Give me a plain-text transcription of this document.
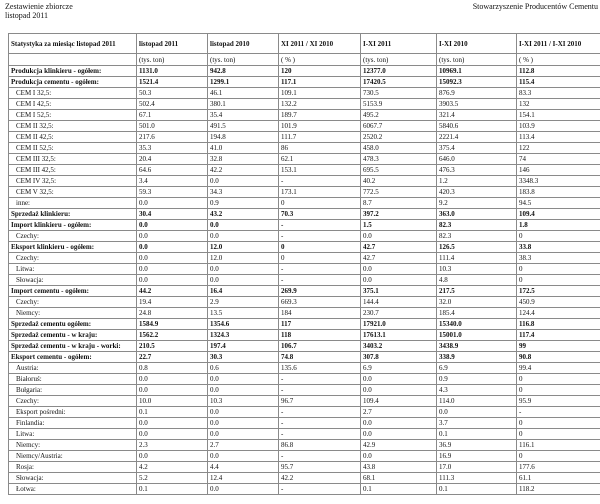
Zestawienie zbiorcze
listopad 2011
Stowarzyszenie Producentów Cementu
Statystyka za miesiąc listopad 2011	listopad 2011	listopad 2010	XI 2011 / XI 2010	I-XI 2011	I-XI 2010	I-XI 2011 / I-XI 2010
	(tys. ton)	(tys. ton)	( % )	(tys. ton)	(tys. ton)	( % )
Produkcja klinkieru - ogółem:	1131.0	942.8	120	12377.0	10969.1	112.8
Produkcja cementu - ogółem:	1521.4	1299.1	117.1	17420.5	15092.3	115.4
CEM I 32,5:	50.3	46.1	109.1	730.5	876.9	83.3
CEM I 42,5:	502.4	380.1	132.2	5153.9	3903.5	132
CEM I 52,5:	67.1	35.4	189.7	495.2	321.4	154.1
CEM II 32,5:	501.0	491.5	101.9	6067.7	5840.6	103.9
CEM II 42,5:	217.6	194.8	111.7	2520.2	2221.4	113.4
CEM II 52,5:	35.3	41.0	86	458.0	375.4	122
CEM III 32,5:	20.4	32.8	62.1	478.3	646.0	74
CEM III 42,5:	64.6	42.2	153.1	695.5	476.3	146
CEM IV 32,5:	3.4	0.0	-	40.2	1.2	3348.3
CEM V 32,5:	59.3	34.3	173.1	772.5	420.3	183.8
inne:	0.0	0.9	0	8.7	9.2	94.5
Sprzedaż klinkieru:	30.4	43.2	70.3	397.2	363.0	109.4
Import klinkieru - ogółem:	0.0	0.0	-	1.5	82.3	1.8
Czechy:	0.0	0.0	-	0.0	82.3	0
Eksport klinkieru - ogółem:	0.0	12.0	0	42.7	126.5	33.8
Czechy:	0.0	12.0	0	42.7	111.4	38.3
Litwa:	0.0	0.0	-	0.0	10.3	0
Słowacja:	0.0	0.0	-	0.0	4.8	0
Import cementu - ogółem:	44.2	16.4	269.9	375.1	217.5	172.5
Czechy:	19.4	2.9	669.3	144.4	32.0	450.9
Niemcy:	24.8	13.5	184	230.7	185.4	124.4
Sprzedaż cementu ogółem:	1584.9	1354.6	117	17921.0	15340.0	116.8
Sprzedaż cementu - w kraju:	1562.2	1324.3	118	17613.1	15001.0	117.4
Sprzedaż cementu - w kraju - worki:	210.5	197.4	106.7	3403.2	3438.9	99
Eksport cementu - ogółem:	22.7	30.3	74.8	307.8	338.9	90.8
Austria:	0.8	0.6	135.6	6.9	6.9	99.4
Białoruś:	0.0	0.0	-	0.0	0.9	0
Bułgaria:	0.0	0.0	-	0.0	4.3	0
Czechy:	10.0	10.3	96.7	109.4	114.0	95.9
Eksport pośredni:	0.1	0.0	-	2.7	0.0	-
Finlandia:	0.0	0.0	-	0.0	3.7	0
Litwa:	0.0	0.0	-	0.0	0.1	0
Niemcy:	2.3	2.7	86.8	42.9	36.9	116.1
Niemcy/Austria:	0.0	0.0	-	0.0	16.9	0
Rosja:	4.2	4.4	95.7	43.8	17.0	177.6
Słowacja:	5.2	12.4	42.2	68.1	111.3	61.1
Łotwa:	0.1	0.0	-	0.1	0.1	118.2
